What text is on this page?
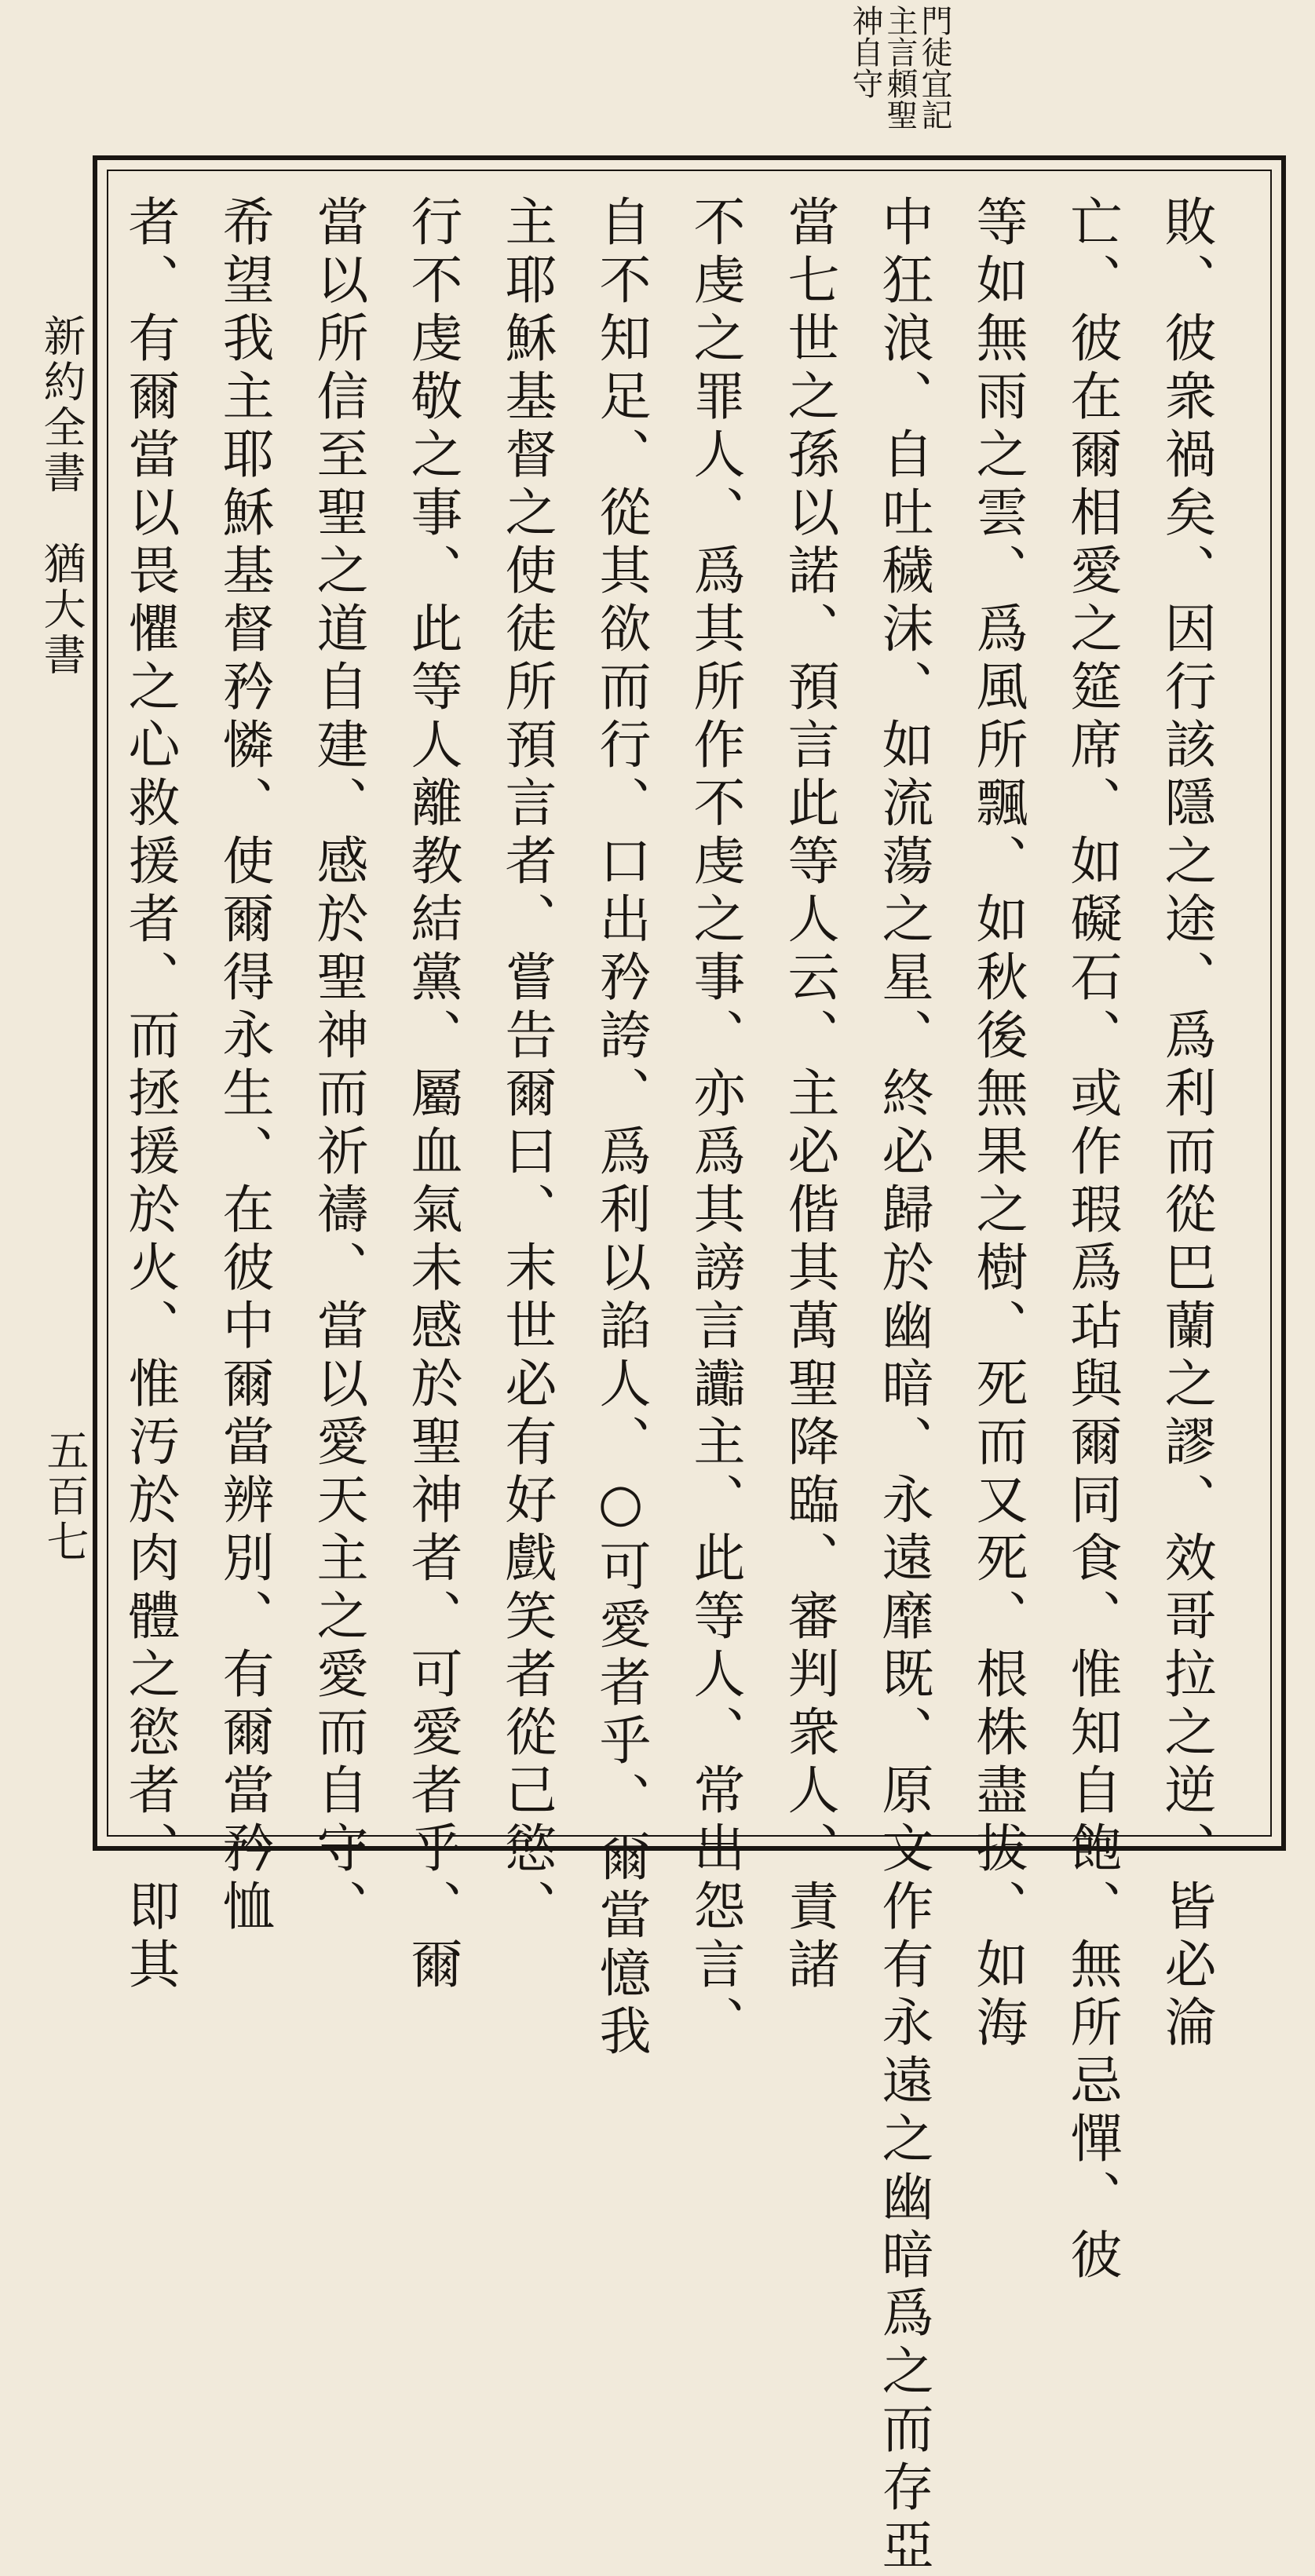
門徒宜記
主言頼聖
神自守
新約全書　猶大書
五百七	敗、彼衆禍矣、因行該隱之途、爲利而從巴蘭之謬、效哥拉之逆、皆必淪
亡、彼在爾相愛之筵席、如礙石、或作瑕爲玷與爾同食、惟知自飽、無所忌憚、彼
等如無雨之雲、爲風所飄、如秋後無果之樹、死而又死、根株盡拔、如海
中狂浪、自吐穢沫、如流蕩之星、終必歸於幽暗、永遠靡既、原文作有永遠之幽暗爲之而存亞
當七世之孫以諾、預言此等人云、主必偕其萬聖降臨、審判衆人、責諸
不虔之罪人、爲其所作不虔之事、亦爲其謗言讟主、此等人、常出怨言、
自不知足、從其欲而行、口出矜誇、爲利以諂人、○可愛者乎、爾當憶我
主耶穌基督之使徒所預言者、嘗告爾曰、末世必有好戲笑者從己慾、
行不虔敬之事、此等人離教結黨、屬血氣未感於聖神者、可愛者乎、爾
當以所信至聖之道自建、感於聖神而祈禱、當以愛天主之愛而自守、
希望我主耶穌基督矜憐、使爾得永生、在彼中爾當辨別、有爾當矜恤
者、有爾當以畏懼之心救援者、而拯援於火、惟汚於肉體之慾者、即其
